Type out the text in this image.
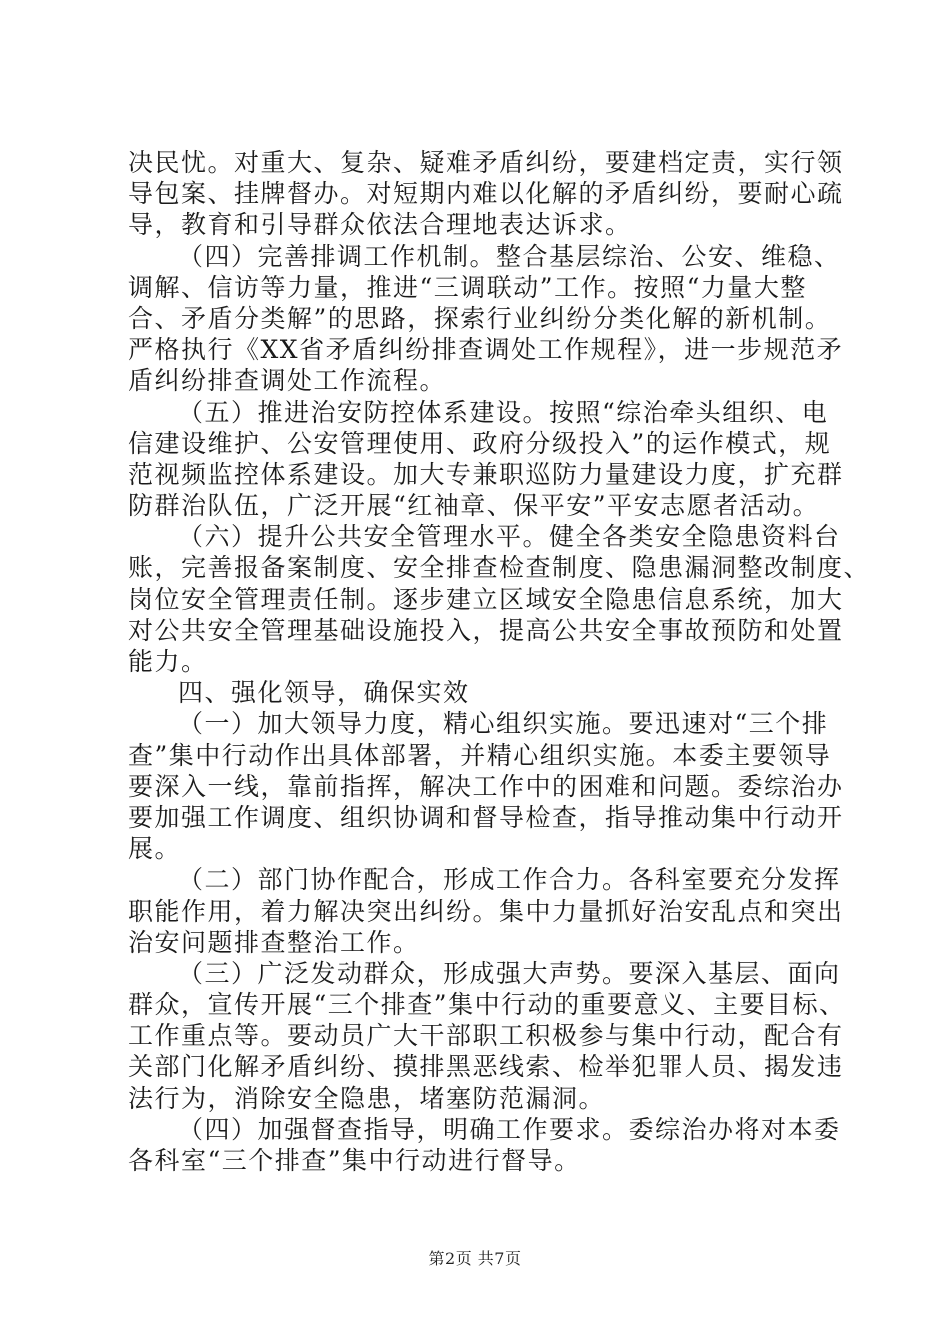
决民忧。对重大、复杂、疑难矛盾纠纷，要建档定责，实行领
导包案、挂牌督办。对短期内难以化解的矛盾纠纷，要耐心疏
导，教育和引导群众依法合理地表达诉求。
（四）完善排调工作机制。整合基层综治、公安、维稳、
调解、信访等力量，推进“三调联动”工作。按照“力量大整
合、矛盾分类解”的思路，探索行业纠纷分类化解的新机制。
严格执行《XX省矛盾纠纷排查调处工作规程》，进一步规范矛
盾纠纷排查调处工作流程。
（五）推进治安防控体系建设。按照“综治牵头组织、电
信建设维护、公安管理使用、政府分级投入”的运作模式，规
范视频监控体系建设。加大专兼职巡防力量建设力度，扩充群
防群治队伍，广泛开展“红袖章、保平安”平安志愿者活动。
（六）提升公共安全管理水平。健全各类安全隐患资料台
账，完善报备案制度、安全排查检查制度、隐患漏洞整改制度、
岗位安全管理责任制。逐步建立区域安全隐患信息系统，加大
对公共安全管理基础设施投入，提高公共安全事故预防和处置
能力。
四、强化领导，确保实效
（一）加大领导力度，精心组织实施。要迅速对“三个排
查”集中行动作出具体部署，并精心组织实施。本委主要领导
要深入一线，靠前指挥，解决工作中的困难和问题。委综治办
要加强工作调度、组织协调和督导检查，指导推动集中行动开
展。
（二）部门协作配合，形成工作合力。各科室要充分发挥
职能作用，着力解决突出纠纷。集中力量抓好治安乱点和突出
治安问题排查整治工作。
（三）广泛发动群众，形成强大声势。要深入基层、面向
群众，宣传开展“三个排查”集中行动的重要意义、主要目标、
工作重点等。要动员广大干部职工积极参与集中行动，配合有
关部门化解矛盾纠纷、摸排黑恶线索、检举犯罪人员、揭发违
法行为，消除安全隐患，堵塞防范漏洞。
（四）加强督查指导，明确工作要求。委综治办将对本委
各科室“三个排查”集中行动进行督导。
第2页 共7页
